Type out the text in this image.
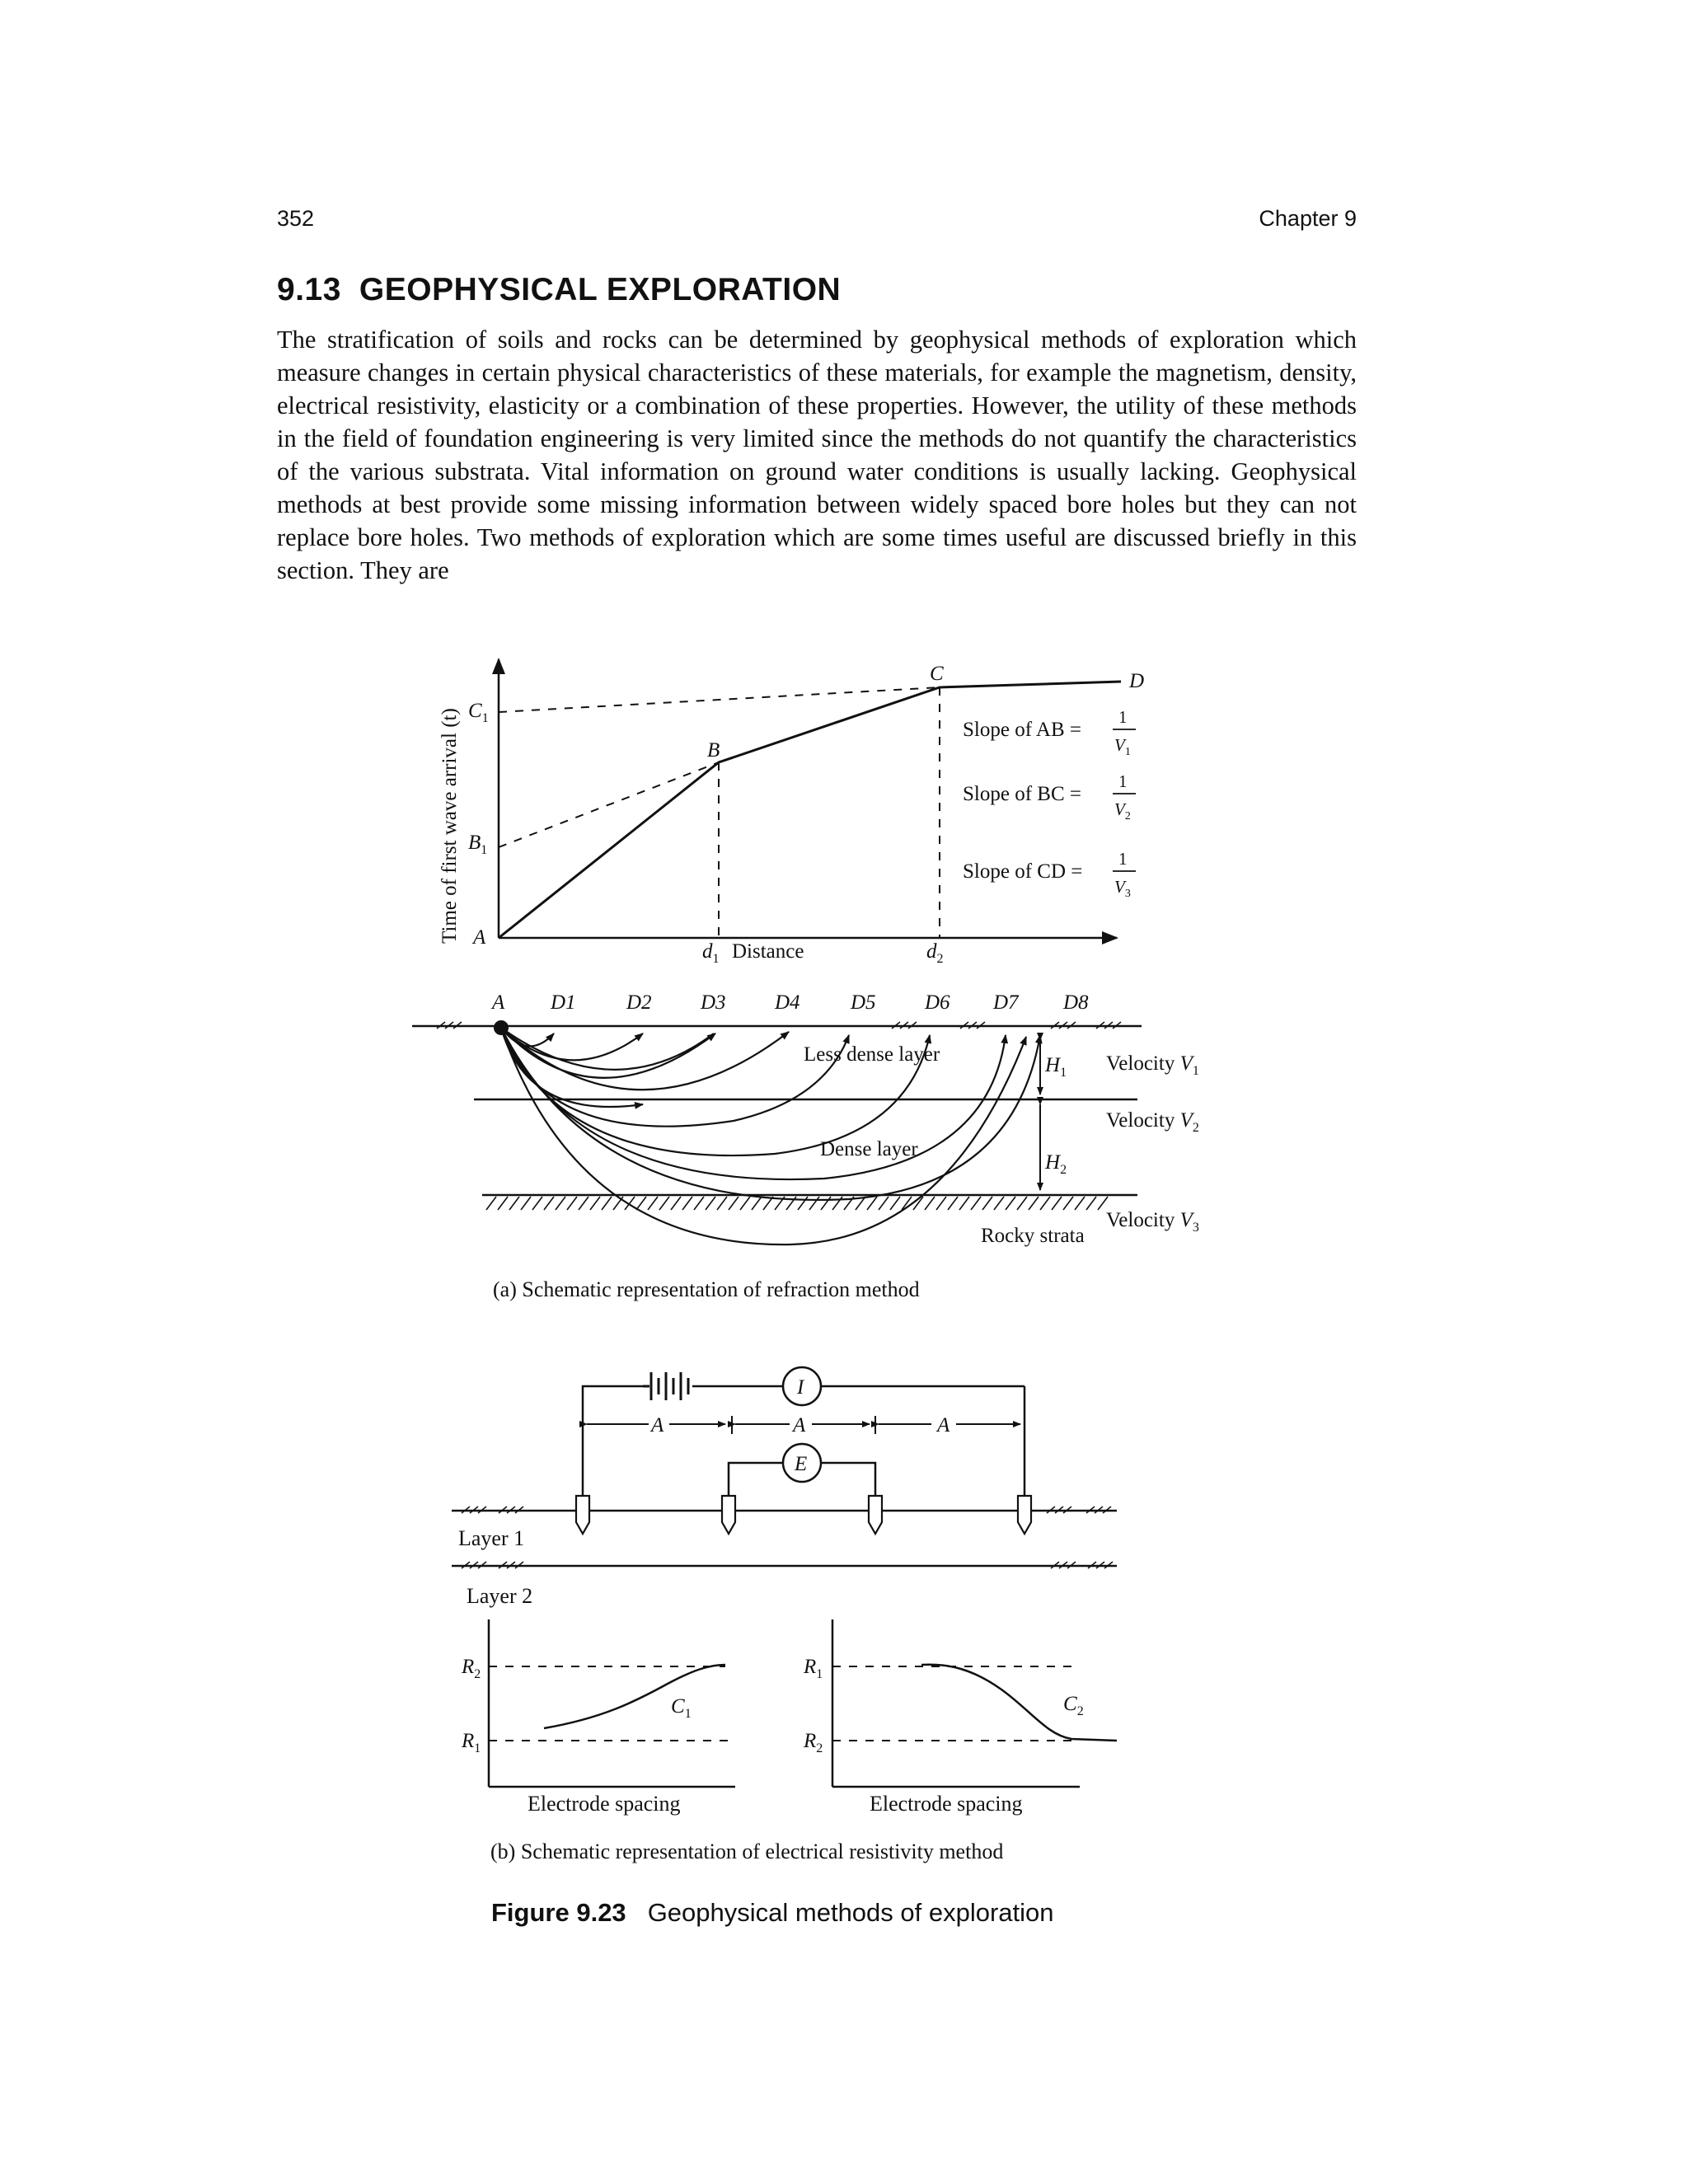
352	Chapter 9
9.13 GEOPHYSICAL EXPLORATION
The stratification of soils and rocks can be determined by geophysical methods of exploration which measure changes in certain physical characteristics of these materials, for example the magnetism, density, electrical resistivity, elasticity or a combination of these properties. However, the utility of these methods in the field of foundation engineering is very limited since the methods do not quantify the characteristics of the various substrata. Vital information on ground water conditions is usually lacking. Geophysical methods at best provide some missing information between widely spaced bore holes but they can not replace bore holes. Two methods of exploration which are some times useful are discussed briefly in this section. They are
Time of first wave arrival (t) A
$B_1$
$C_1$
B
C	D
$d_1$ Distance	$d_2$
Slope of AB =
1
$V_1$
Slope of BC =
1
$V_2$
Slope of CD =
1
$V_3$
A D1 D2 D3 D4 D5 D6 D7 D8
Less dense layer
Dense layer
Rocky strata
$H_1$
$H_2$
Velocity $V_1$
Velocity $V_2$
Velocity $V_3$
(a) Schematic representation of refraction method
I
E
A	A	A
Layer 1
Layer 2
$R_2$
$R_1$
$C_1$
Electrode spacing
$R_1$
$R_2$
$C_2$
Electrode spacing
(b) Schematic representation of electrical resistivity method
Figure 9.23 Geophysical methods of exploration
